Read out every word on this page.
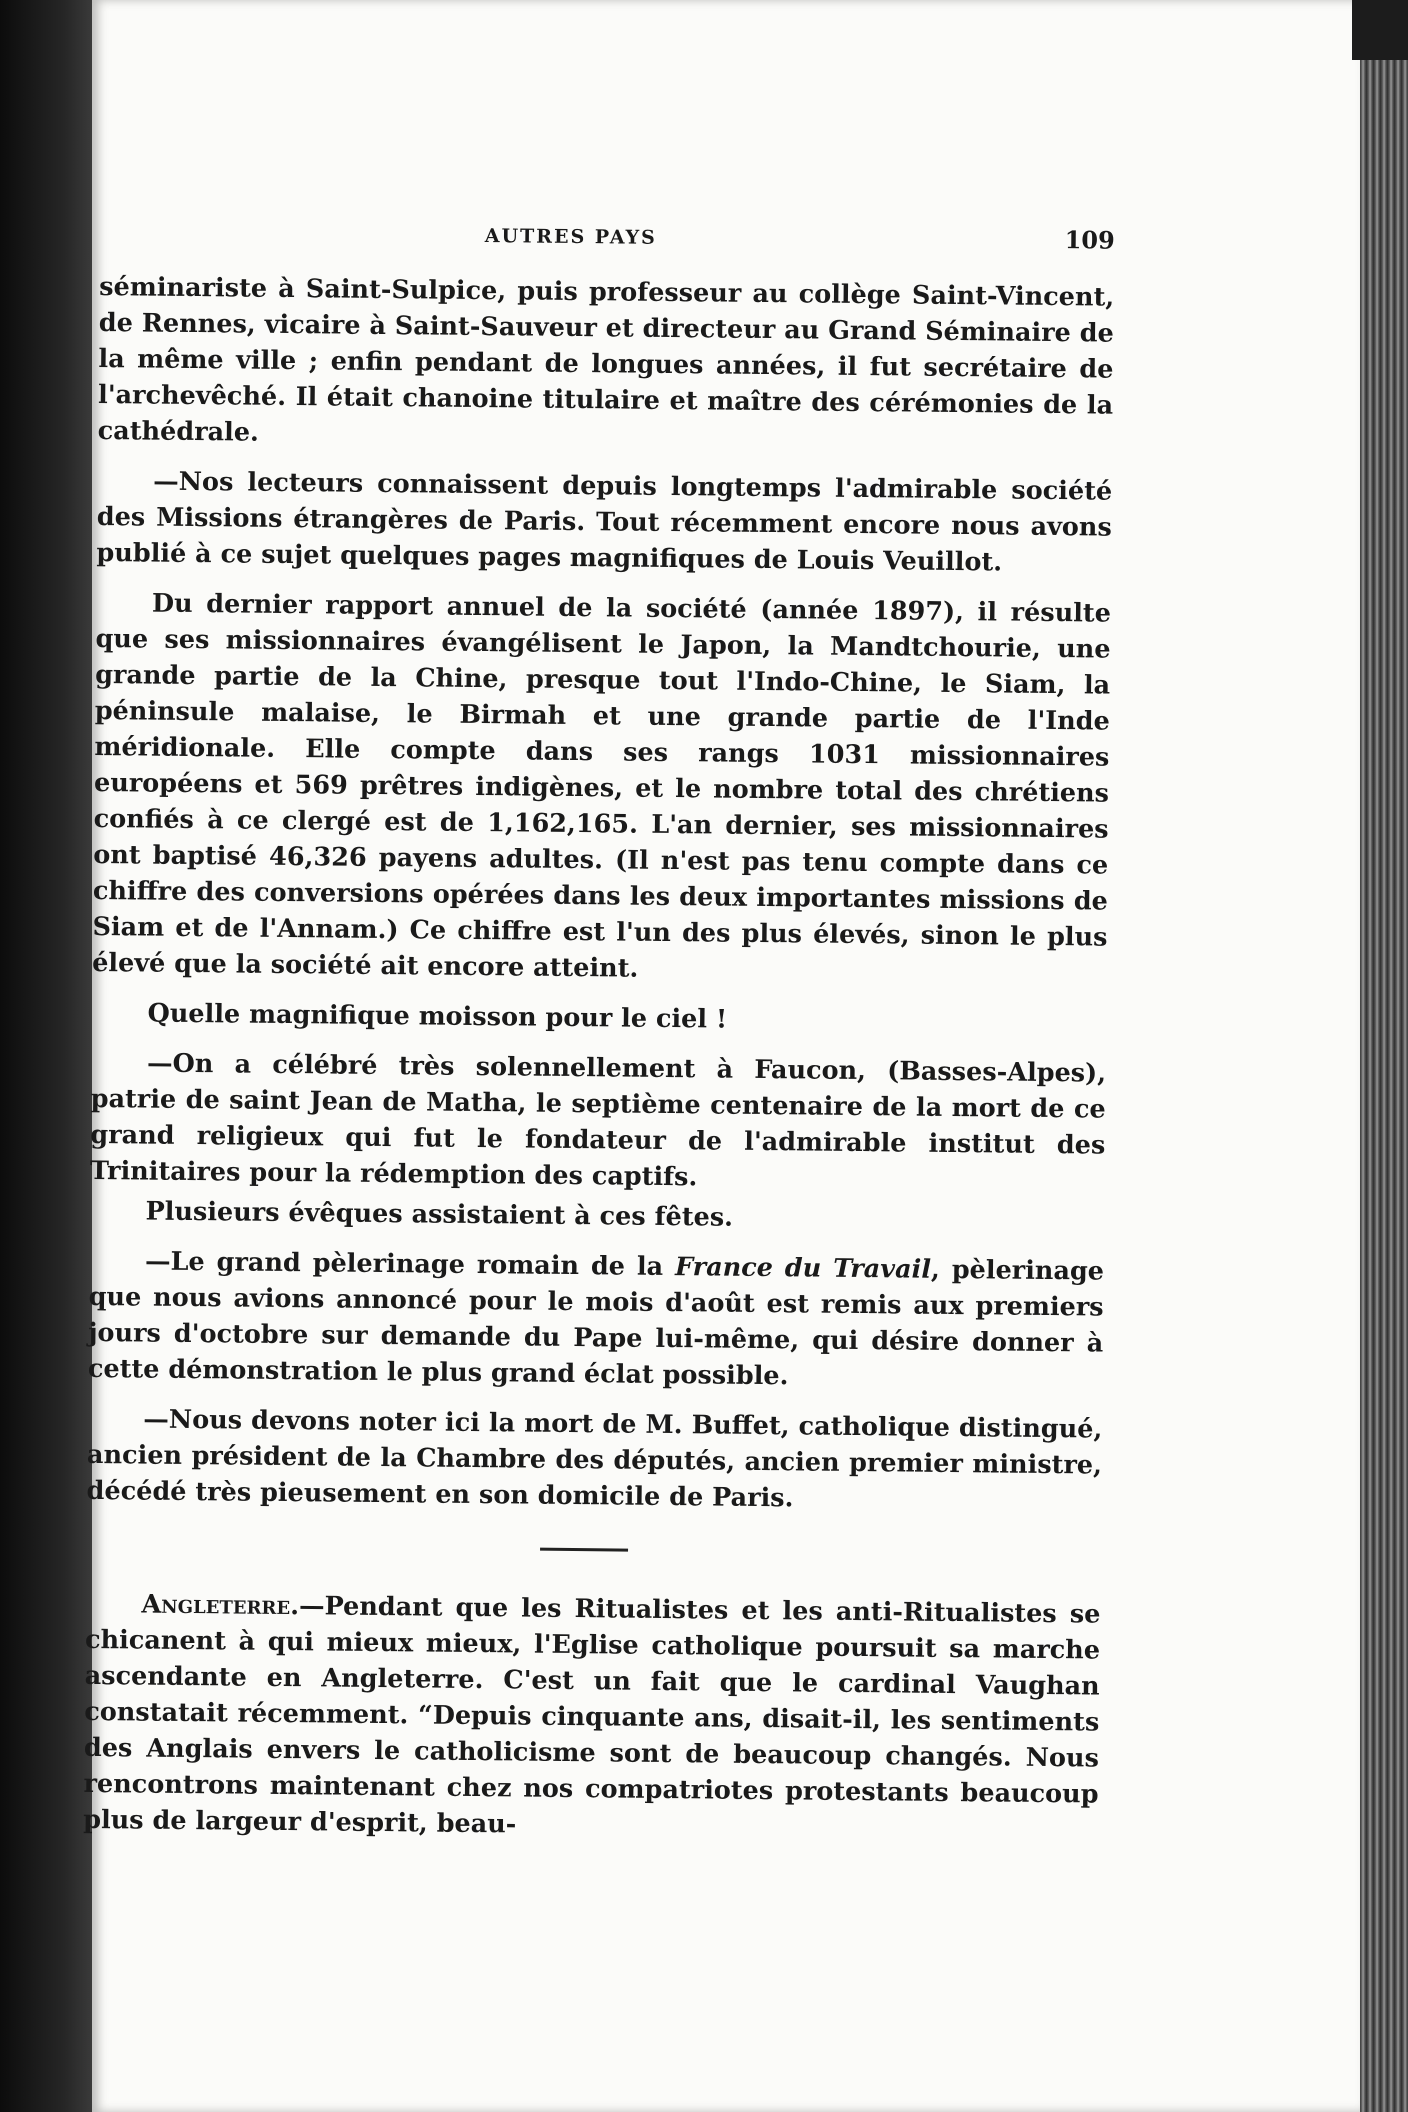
AUTRES PAYS	109

séminariste à Saint-Sulpice, puis professeur au collège Saint-Vincent, de Rennes, vicaire à Saint-Sauveur et directeur au Grand Séminaire de la même ville ; enfin pendant de longues années, il fut secrétaire de l'archevêché. Il était chanoine titulaire et maître des cérémonies de la cathédrale.

—Nos lecteurs connaissent depuis longtemps l'admirable société des Missions étrangères de Paris. Tout récemment encore nous avons publié à ce sujet quelques pages magnifiques de Louis Veuillot.

Du dernier rapport annuel de la société (année 1897), il résulte que ses missionnaires évangélisent le Japon, la Mandtchourie, une grande partie de la Chine, presque tout l'Indo-Chine, le Siam, la péninsule malaise, le Birmah et une grande partie de l'Inde méridionale. Elle compte dans ses rangs 1031 missionnaires européens et 569 prêtres indigènes, et le nombre total des chrétiens confiés à ce clergé est de 1,162,165. L'an dernier, ses missionnaires ont baptisé 46,326 payens adultes. (Il n'est pas tenu compte dans ce chiffre des conversions opérées dans les deux importantes missions de Siam et de l'Annam.) Ce chiffre est l'un des plus élevés, sinon le plus élevé que la société ait encore atteint.

Quelle magnifique moisson pour le ciel !

—On a célébré très solennellement à Faucon, (Basses-Alpes), patrie de saint Jean de Matha, le septième centenaire de la mort de ce grand religieux qui fut le fondateur de l'admirable institut des Trinitaires pour la rédemption des captifs.

Plusieurs évêques assistaient à ces fêtes.

—Le grand pèlerinage romain de la France du Travail, pèlerinage que nous avions annoncé pour le mois d'août est remis aux premiers jours d'octobre sur demande du Pape lui-même, qui désire donner à cette démonstration le plus grand éclat possible.

—Nous devons noter ici la mort de M. Buffet, catholique distingué, ancien président de la Chambre des députés, ancien premier ministre, décédé très pieusement en son domicile de Paris.

Angleterre.—Pendant que les Ritualistes et les anti-Ritualistes se chicanent à qui mieux mieux, l'Eglise catholique poursuit sa marche ascendante en Angleterre. C'est un fait que le cardinal Vaughan constatait récemment. “Depuis cinquante ans, disait-il, les sentiments des Anglais envers le catholicisme sont de beaucoup changés. Nous rencontrons maintenant chez nos compatriotes protestants beaucoup plus de largeur d'esprit, beau-
